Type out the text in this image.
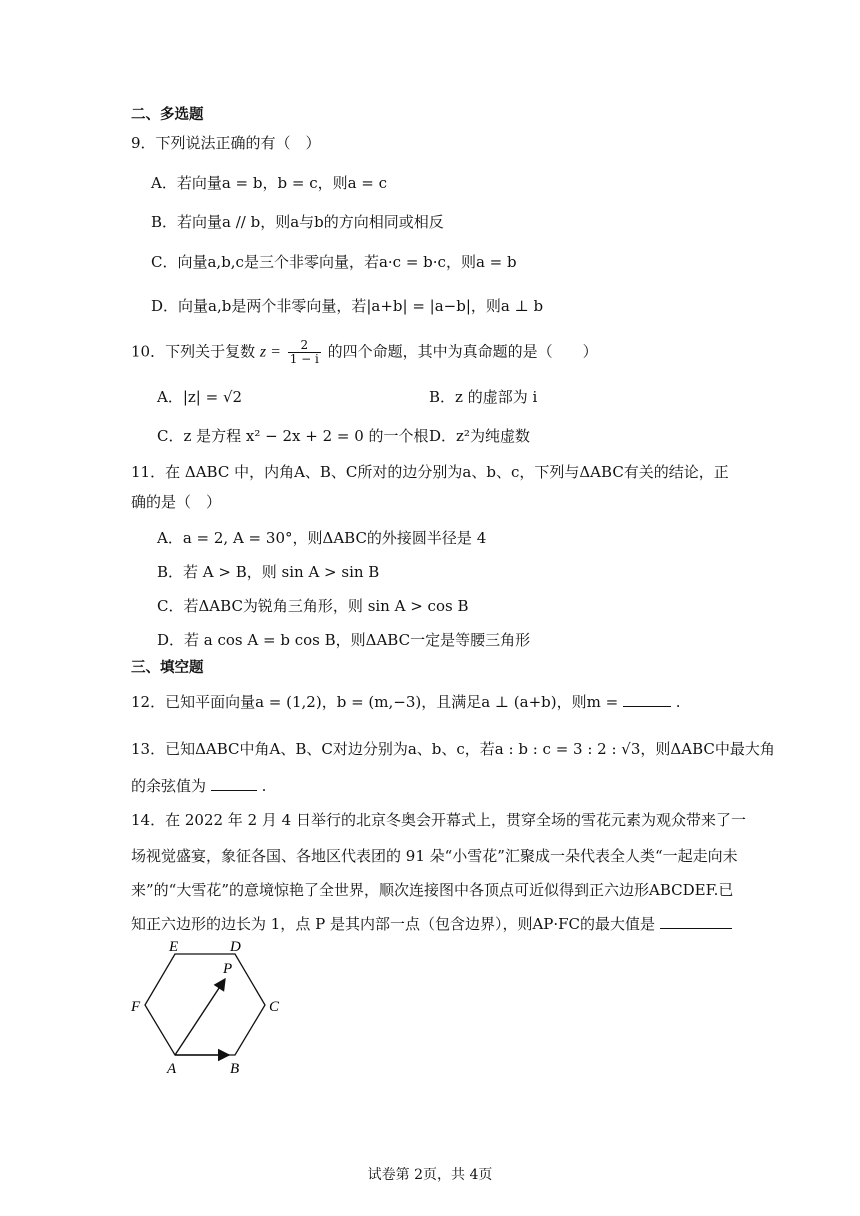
二、多选题
9．下列说法正确的有（　）
A．若向量a = b，b = c，则a = c
B．若向量a // b，则a与b的方向相同或相反
C．向量a,b,c是三个非零向量，若a·c = b·c，则a = b
D．向量a,b是两个非零向量，若|a+b| = |a−b|，则a ⊥ b
10．下列关于复数 $z = \frac{2}{1 - i}$ 的四个命题，其中为真命题的是（　　）
A．|z| = √2	B．z 的虚部为 i
C．z 是方程 x² − 2x + 2 = 0 的一个根 D．z²为纯虚数
11．在 ΔABC 中，内角A、B、C所对的边分别为a、b、c，下列与ΔABC有关的结论，正
确的是（　）
A．a = 2, A = 30°，则ΔABC的外接圆半径是 4
B．若 A > B，则 sin A > sin B
C．若ΔABC为锐角三角形，则 sin A > cos B
D．若 a cos A = b cos B，则ΔABC一定是等腰三角形
三、填空题
12．已知平面向量a = (1,2)，b = (m,−3)，且满足a ⊥ (a+b)，则m =	.
13．已知ΔABC中角A、B、C对边分别为a、b、c，若a : b : c = 3 : 2 : √3，则ΔABC中最大角
的余弦值为	.
14．在 2022 年 2 月 4 日举行的北京冬奥会开幕式上，贯穿全场的雪花元素为观众带来了一
场视觉盛宴，象征各国、各地区代表团的 91 朵“小雪花”汇聚成一朵代表全人类“一起走向未
来”的“大雪花”的意境惊艳了全世界，顺次连接图中各顶点可近似得到正六边形ABCDEF.已
知正六边形的边长为 1，点 P 是其内部一点（包含边界），则AP·FC的最大值是
E	D
P
F	C
A	B
试卷第 2页，共 4页
